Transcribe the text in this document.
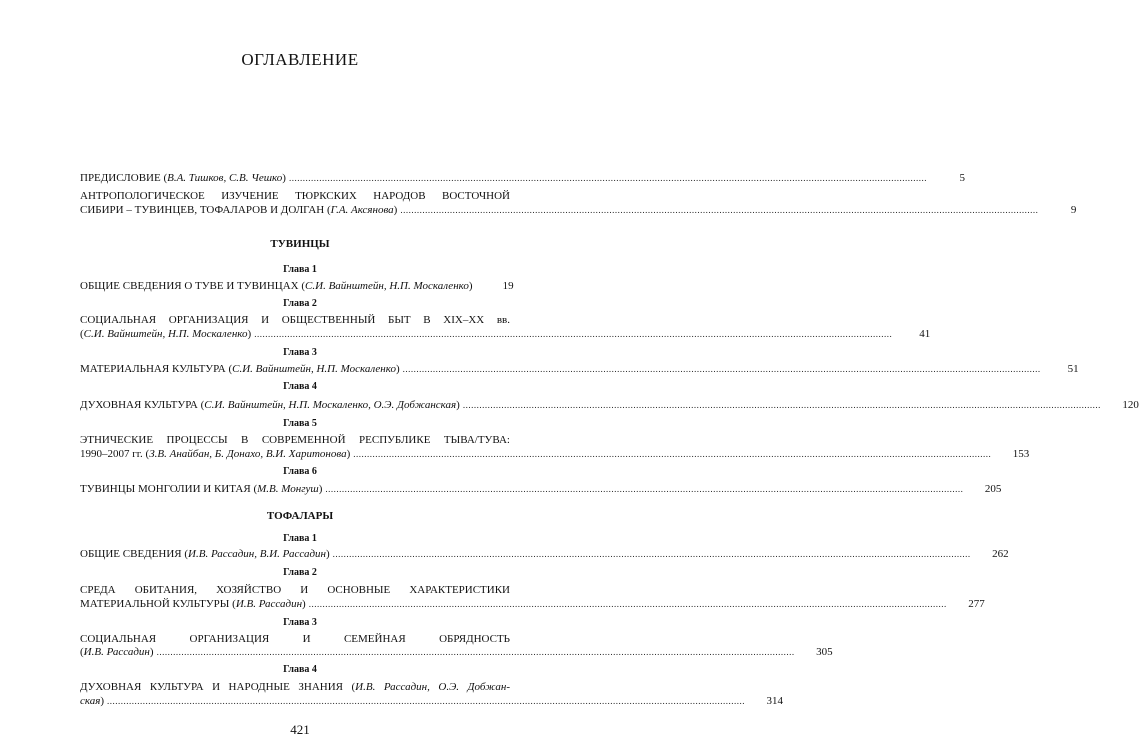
ОГЛАВЛЕНИЕ
ПРЕДИСЛОВИЕ (В.А. Тишков, С.В. Чешко) .....	5
АНТРОПОЛОГИЧЕСКОЕ ИЗУЧЕНИЕ ТЮРКСКИХ НАРОДОВ ВОСТОЧНОЙ
СИБИРИ – ТУВИНЦЕВ, ТОФАЛАРОВ И ДОЛГАН (Г.А. Аксянова) .....	9
ТУВИНЦЫ
Глава 1
ОБЩИЕ СВЕДЕНИЯ О ТУВЕ И ТУВИНЦАХ (С.И. Вайнштейн, Н.П. Москаленко)	19
Глава 2
СОЦИАЛЬНАЯ ОРГАНИЗАЦИЯ И ОБЩЕСТВЕННЫЙ БЫТ В XIX–XX вв.
(С.И. Вайнштейн, Н.П. Москаленко) .....	41
Глава 3
МАТЕРИАЛЬНАЯ КУЛЬТУРА (С.И. Вайнштейн, Н.П. Москаленко) .....	51
Глава 4
ДУХОВНАЯ КУЛЬТУРА (С.И. Вайнштейн, Н.П. Москаленко, О.Э. Добжанская) .....	120
Глава 5
ЭТНИЧЕСКИЕ ПРОЦЕССЫ В СОВРЕМЕННОЙ РЕСПУБЛИКЕ ТЫВА/ТУВА:
1990–2007 гг. (З.В. Анайбан, Б. Донахо, В.И. Харитонова) .....	153
Глава 6
ТУВИНЦЫ МОНГОЛИИ И КИТАЯ (М.В. Монгуш) .....	205
ТОФАЛАРЫ
Глава 1
ОБЩИЕ СВЕДЕНИЯ (И.В. Рассадин, В.И. Рассадин) .....	262
Глава 2
СРЕДА ОБИТАНИЯ, ХОЗЯЙСТВО И ОСНОВНЫЕ ХАРАКТЕРИСТИКИ
МАТЕРИАЛЬНОЙ КУЛЬТУРЫ (И.В. Рассадин) .....	277
Глава 3
СОЦИАЛЬНАЯ ОРГАНИЗАЦИЯ И СЕМЕЙНАЯ ОБРЯДНОСТЬ
(И.В. Рассадин) .....	305
Глава 4
ДУХОВНАЯ КУЛЬТУРА И НАРОДНЫЕ ЗНАНИЯ (И.В. Рассадин, О.Э. Добжан-
ская) .....	314
421
